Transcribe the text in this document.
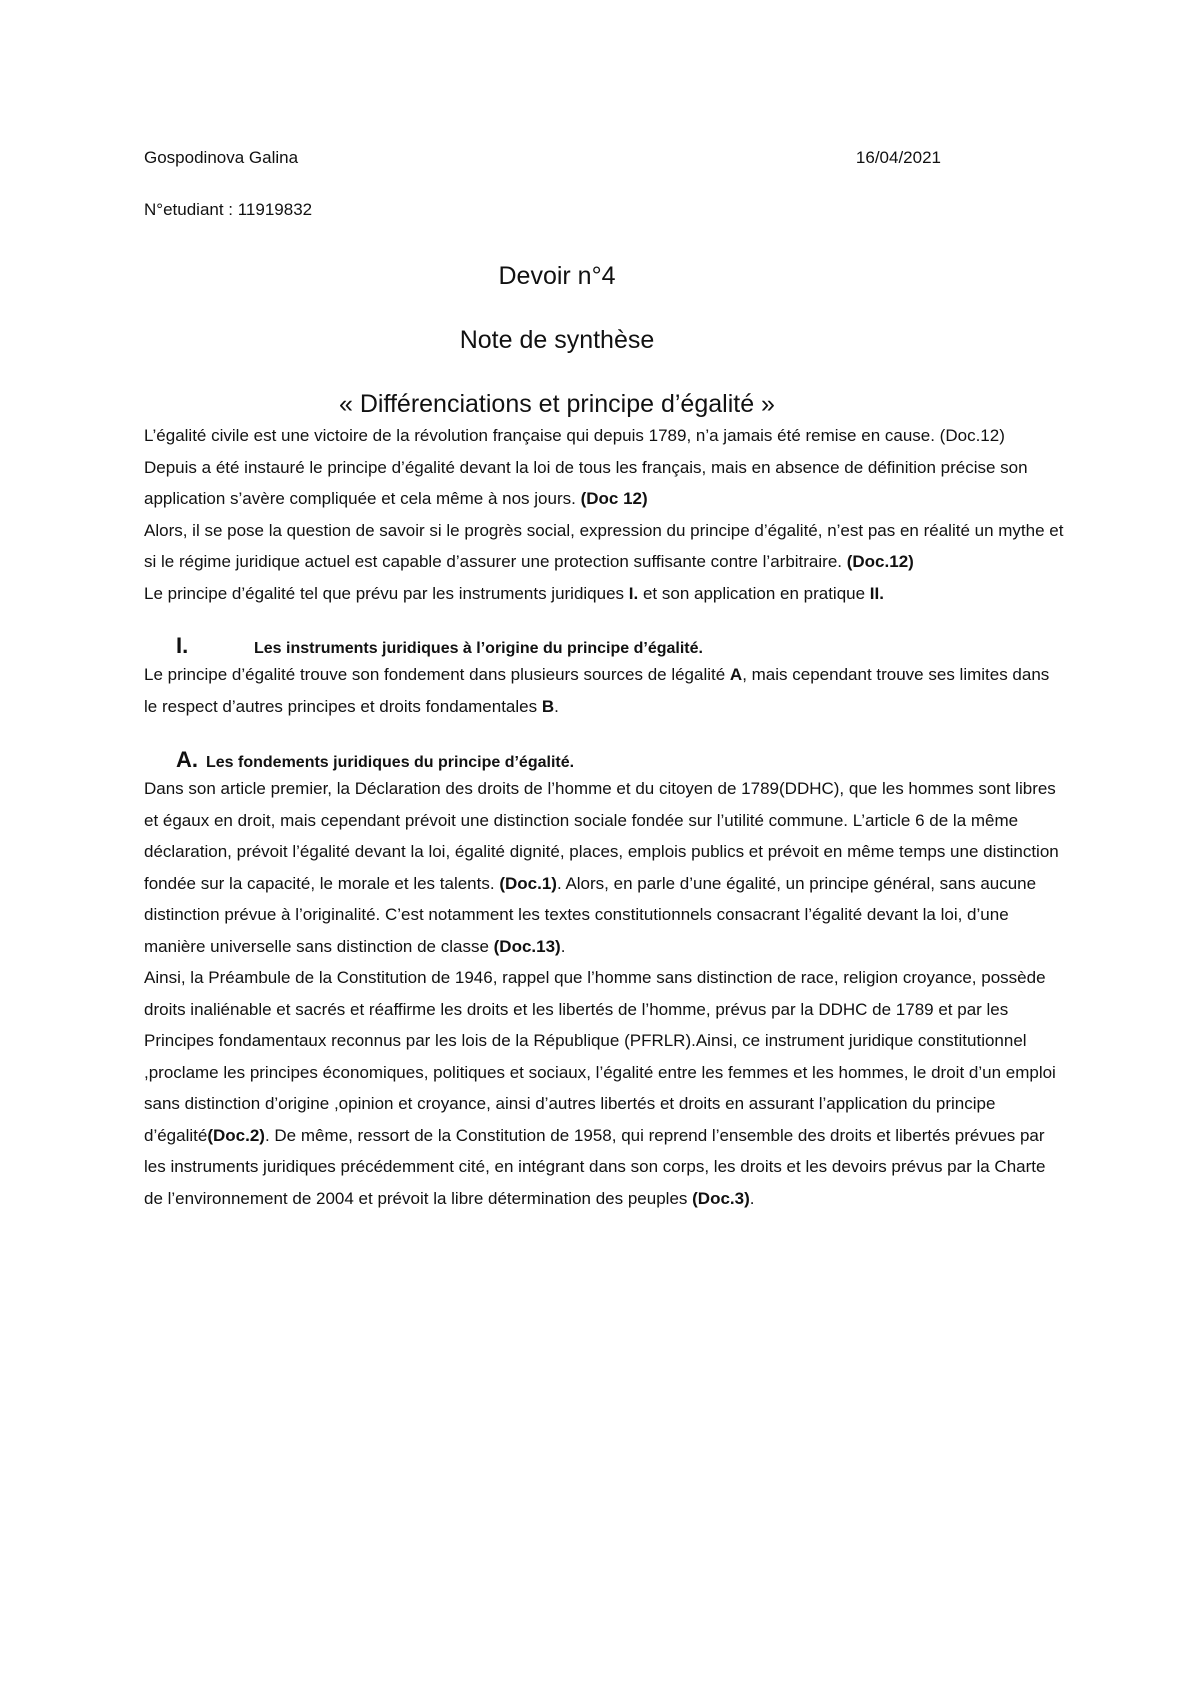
Gospodinova Galina	16/04/2021
N°etudiant : 11919832
Devoir n°4
Note de synthèse
« Différenciations et principe d’égalité »

L’égalité civile est une victoire de la révolution française qui depuis 1789, n’a jamais été remise en cause. (Doc.12)

Depuis a été instauré le principe d’égalité devant la loi de tous les français, mais en absence de définition précise son application s’avère compliquée et cela même à nos jours. (Doc 12)

Alors, il se pose la question de savoir si le progrès social, expression du principe d’égalité, n’est pas en réalité un mythe et si le régime juridique actuel est capable d’assurer une protection suffisante contre l’arbitraire. (Doc.12)

Le principe d’égalité tel que prévu par les instruments juridiques I. et son application en pratique II.

I.	Les instruments juridiques à l’origine du principe d’égalité.

Le principe d’égalité trouve son fondement dans plusieurs sources de légalité A, mais cependant trouve ses limites dans le respect d’autres principes et droits fondamentales B.

A. Les fondements juridiques du principe d’égalité.

Dans son article premier, la Déclaration des droits de l’homme et du citoyen de 1789(DDHC), que les hommes sont libres et égaux en droit, mais cependant prévoit une distinction sociale fondée sur l’utilité commune. L’article 6 de la même déclaration, prévoit l’égalité devant la loi, égalité dignité, places, emplois publics et prévoit en même temps une distinction fondée sur la capacité, le morale et les talents. (Doc.1). Alors, en parle d’une égalité, un principe général, sans aucune distinction prévue à l’originalité. C’est notamment les textes constitutionnels consacrant l’égalité devant la loi, d’une manière universelle sans distinction de classe (Doc.13).

Ainsi, la Préambule de la Constitution de 1946, rappel que l’homme sans distinction de race, religion croyance, possède droits inaliénable et sacrés et réaffirme les droits et les libertés de l’homme, prévus par la DDHC de 1789 et par les Principes fondamentaux reconnus par les lois de la République (PFRLR).Ainsi, ce instrument juridique constitutionnel ,proclame les principes économiques, politiques et sociaux, l’égalité entre les femmes et les hommes, le droit d’un emploi sans distinction d’origine ,opinion et croyance, ainsi d’autres libertés et droits en assurant l’application du principe d’égalité(Doc.2). De même, ressort de la Constitution de 1958, qui reprend l’ensemble des droits et libertés prévues par les instruments juridiques précédemment cité, en intégrant dans son corps, les droits et les devoirs prévus par la Charte de l’environnement de 2004 et prévoit la libre détermination des peuples (Doc.3).
